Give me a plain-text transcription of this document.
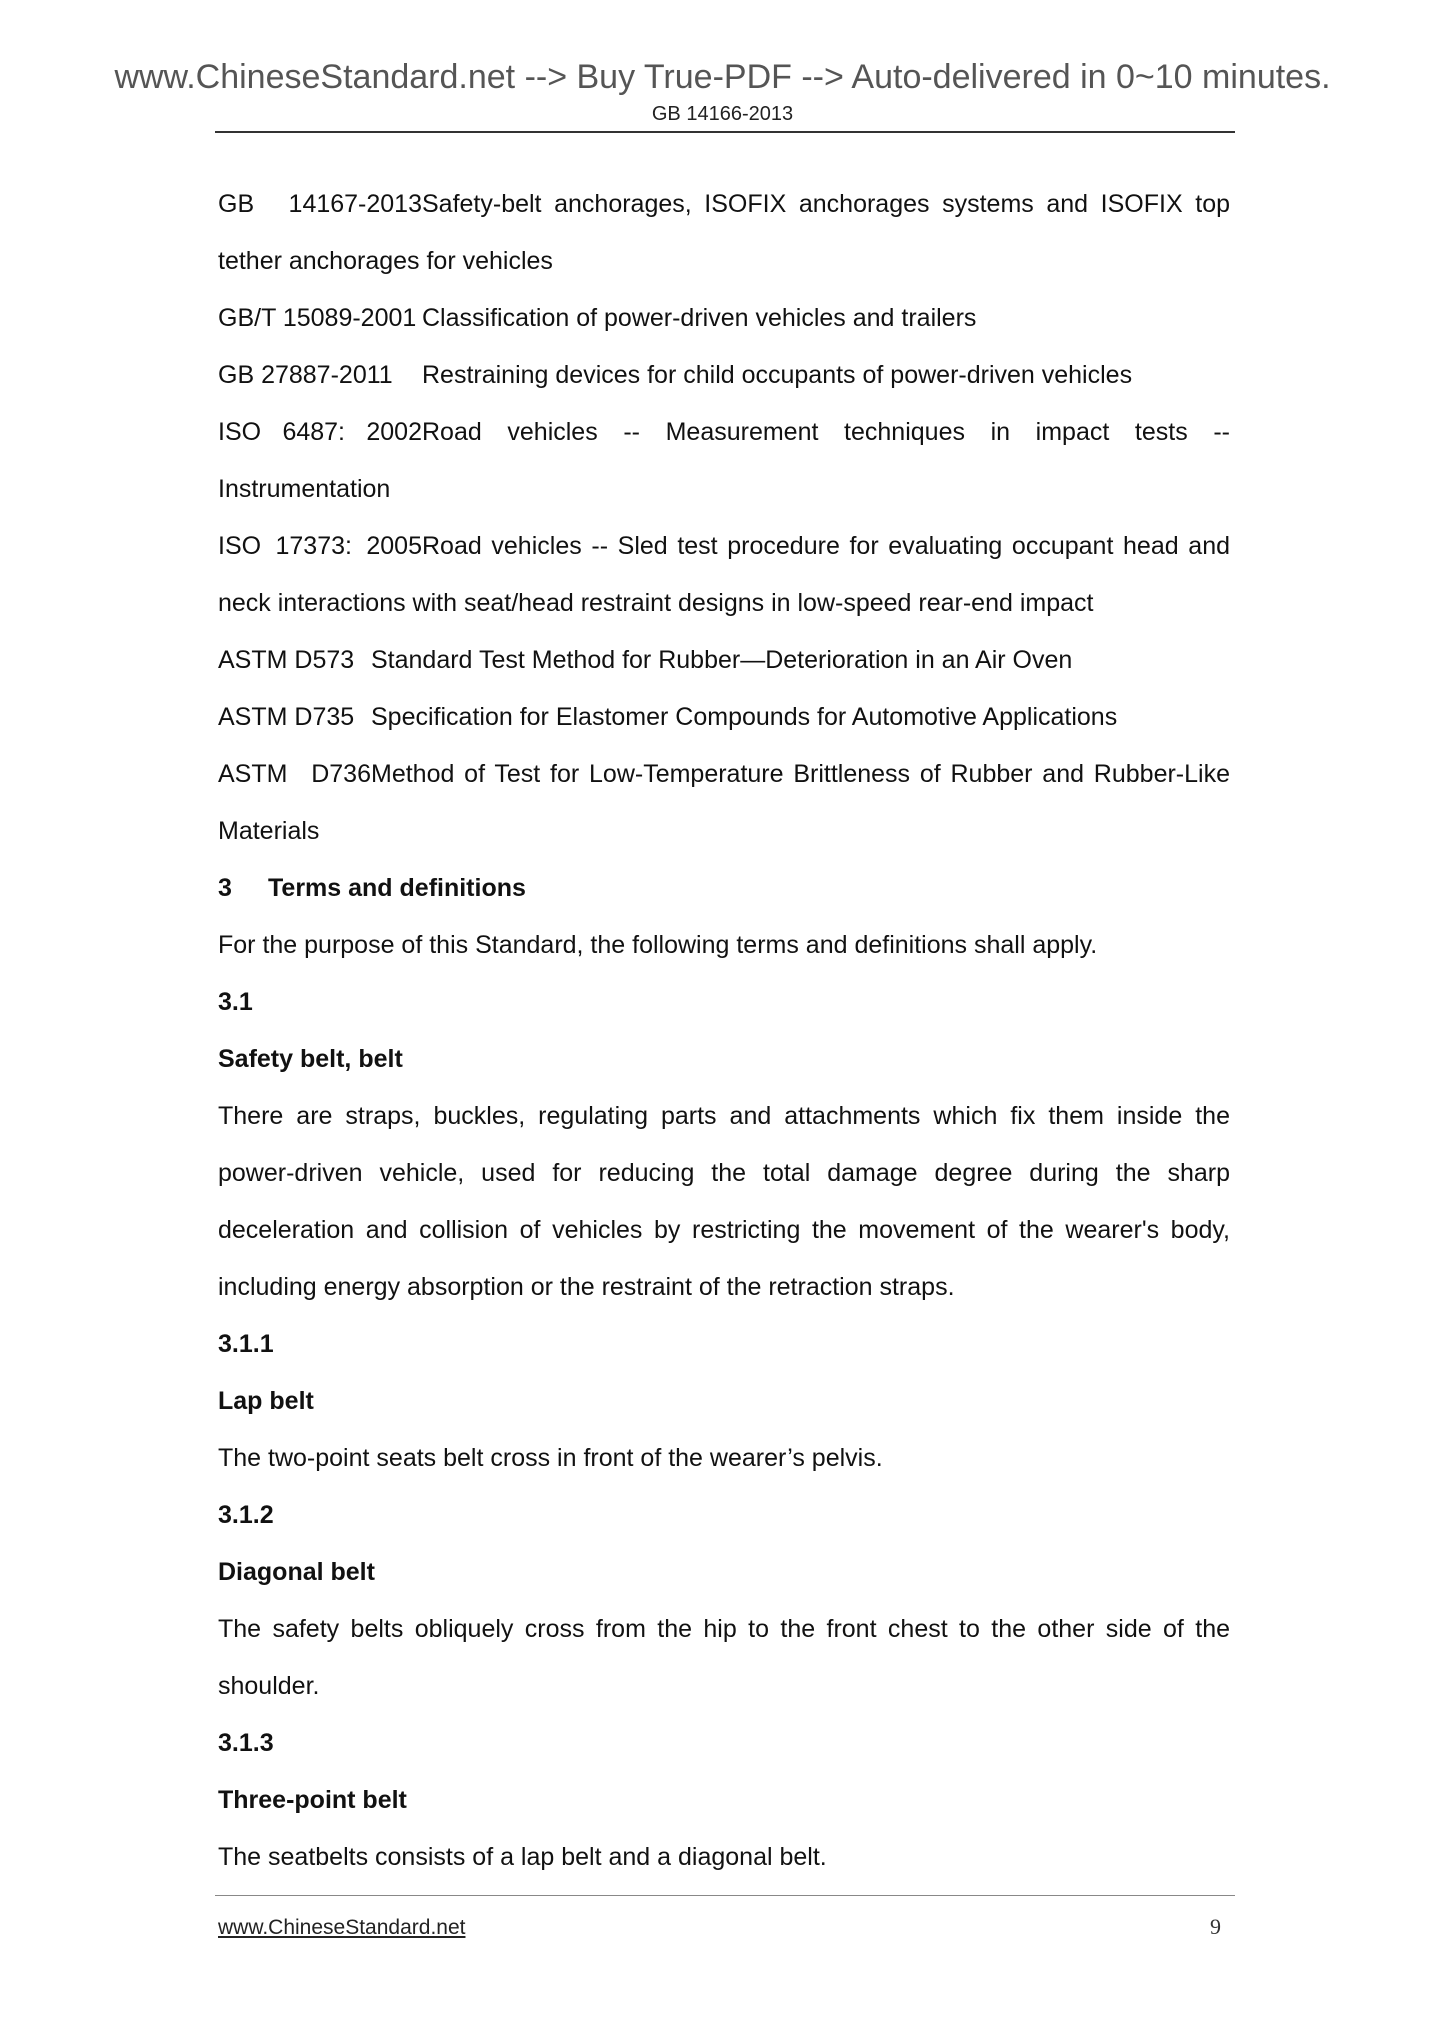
www.ChineseStandard.net --> Buy True-PDF --> Auto-delivered in 0~10 minutes.
GB 14166-2013
GB 14167-2013Safety-belt anchorages, ISOFIX anchorages systems and ISOFIX top
tether anchorages for vehicles
GB/T 15089-2001 Classification of power-driven vehicles and trailers
GB 27887-2011 Restraining devices for child occupants of power-driven vehicles
ISO 6487: 2002Road vehicles -- Measurement techniques in impact tests --
Instrumentation
ISO 17373: 2005Road vehicles -- Sled test procedure for evaluating occupant head and
neck interactions with seat/head restraint designs in low-speed rear-end impact
ASTM D573 Standard Test Method for Rubber—Deterioration in an Air Oven
ASTM D735 Specification for Elastomer Compounds for Automotive Applications
ASTM D736Method of Test for Low-Temperature Brittleness of Rubber and Rubber-Like
Materials
3 Terms and definitions
For the purpose of this Standard, the following terms and definitions shall apply.
3.1
Safety belt, belt
There are straps, buckles, regulating parts and attachments which fix them inside the
power-driven vehicle, used for reducing the total damage degree during the sharp
deceleration and collision of vehicles by restricting the movement of the wearer's body,
including energy absorption or the restraint of the retraction straps.
3.1.1
Lap belt
The two-point seats belt cross in front of the wearer’s pelvis.
3.1.2
Diagonal belt
The safety belts obliquely cross from the hip to the front chest to the other side of the
shoulder.
3.1.3
Three-point belt
The seatbelts consists of a lap belt and a diagonal belt.
www.ChineseStandard.net	9
